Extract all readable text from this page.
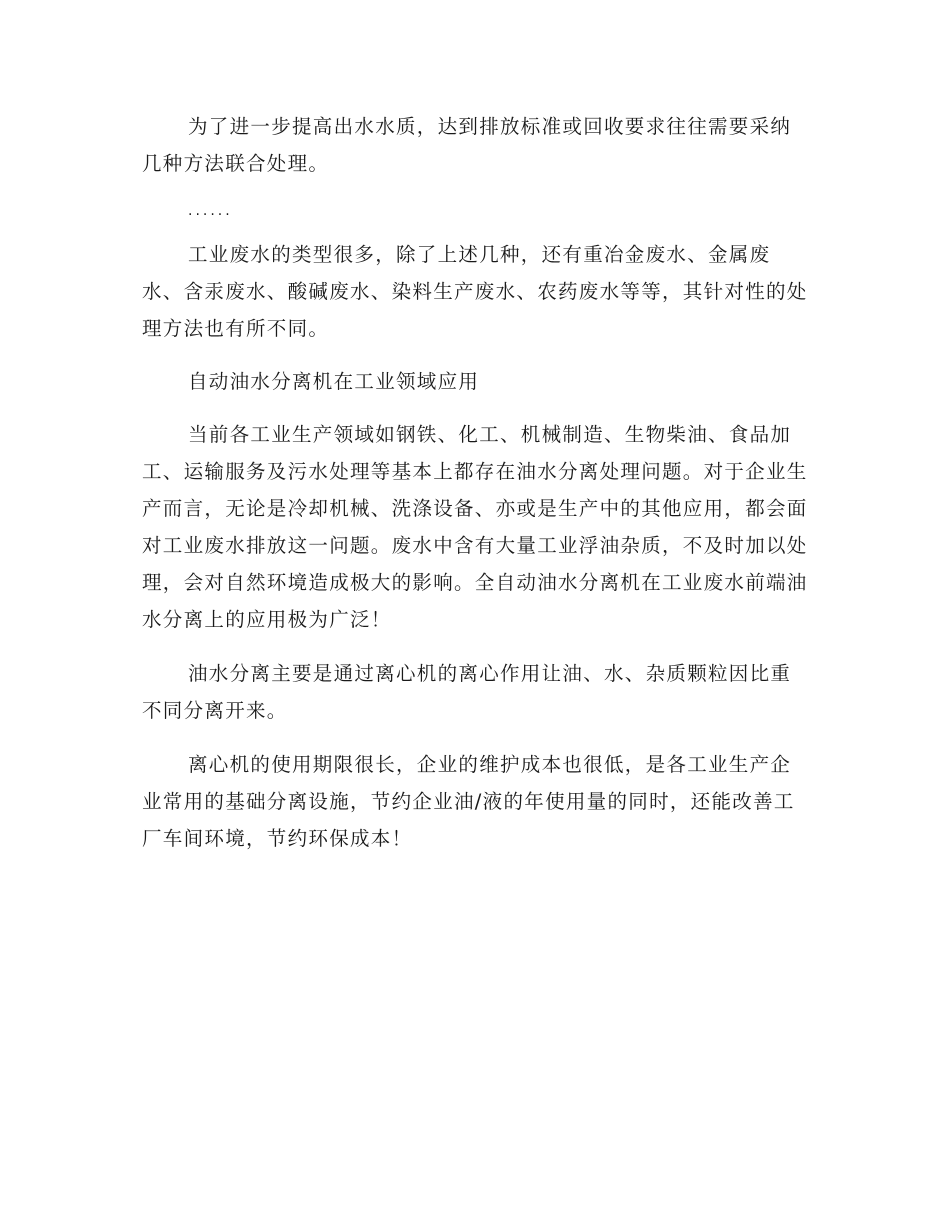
为了进一步提高出水水质，达到排放标准或回收要求往往需要采纳几种方法联合处理。

......

工业废水的类型很多，除了上述几种，还有重冶金废水、金属废水、含汞废水、酸碱废水、染料生产废水、农药废水等等，其针对性的处理方法也有所不同。

自动油水分离机在工业领域应用

当前各工业生产领域如钢铁、化工、机械制造、生物柴油、食品加工、运输服务及污水处理等基本上都存在油水分离处理问题。对于企业生产而言，无论是冷却机械、洗涤设备、亦或是生产中的其他应用，都会面对工业废水排放这一问题。废水中含有大量工业浮油杂质，不及时加以处理，会对自然环境造成极大的影响。全自动油水分离机在工业废水前端油水分离上的应用极为广泛！

油水分离主要是通过离心机的离心作用让油、水、杂质颗粒因比重不同分离开来。

离心机的使用期限很长，企业的维护成本也很低，是各工业生产企业常用的基础分离设施，节约企业油/液的年使用量的同时，还能改善工厂车间环境，节约环保成本！
